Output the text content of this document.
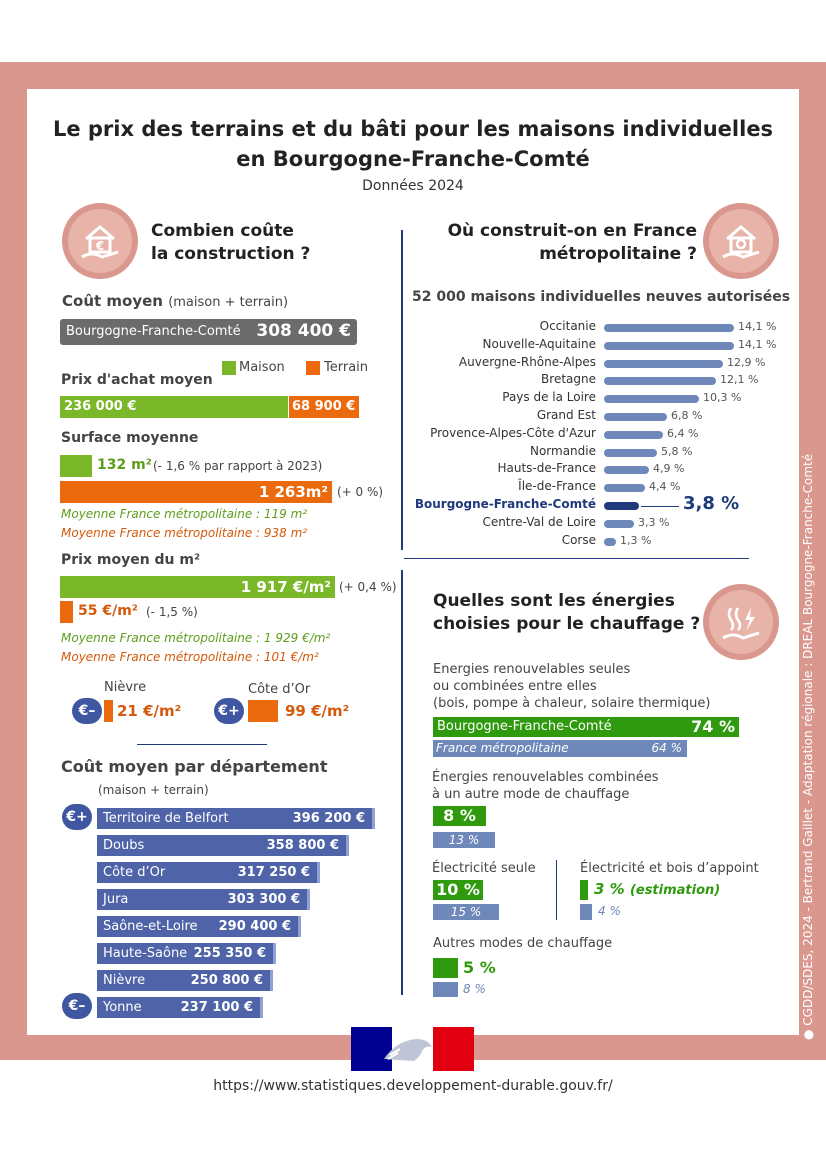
Le prix des terrains et du bâti pour les maisons individuelles
en Bourgogne-Franche-Comté
Données 2024
€
Combien coûte
la construction ?
Coût moyen (maison + terrain)
Bourgogne-Franche-Comté 308 400 €
Maison	Terrain
Prix d'achat moyen
236 000 €	68 900 €
Surface moyenne
132 m² (- 1,6 % par rapport à 2023)
1 263m² (+ 0 %)
Moyenne France métropolitaine : 119 m²
Moyenne France métropolitaine : 938 m²
Prix moyen du m²
1 917 €/m² (+ 0,4 %)
55 €/m² (- 1,5 %)
Moyenne France métropolitaine : 1 929 €/m²
Moyenne France métropolitaine : 101 €/m²
Nièvre
€–	21 €/m²
Côte d’Or
€+	99 €/m²
Coût moyen par département
(maison + terrain)
€+
€–
Territoire de Belfort	396 200 €
Doubs	358 800 €
Côte d’Or	317 250 €
Jura	303 300 €
Saône-et-Loire 290 400 €
Haute-Saône 255 350 €
Nièvre	250 800 €
Yonne	237 100 €
Où construit-on en France
métropolitaine ?
52 000 maisons individuelles neuves autorisées
Occitanie	14,1 %
Nouvelle-Aquitaine	14,1 %
Auvergne-Rhône-Alpes	12,9 %
Bretagne	12,1 %
Pays de la Loire	10,3 %
Grand Est	6,8 %
Provence-Alpes-Côte d'Azur	6,4 %
Normandie	5,8 %
Hauts-de-France	4,9 %
Île-de-France	4,4 %
Bourgogne-Franche-Comté	3,8 %
Centre-Val de Loire	3,3 %
Corse 1,3 %
Quelles sont les énergies
choisies pour le chauffage ?
Energies renouvelables seules
ou combinées entre elles
(bois, pompe à chaleur, solaire thermique)
Bourgogne-Franche-Comté	74 %
France métropolitaine	64 %
Énergies renouvelables combinées
à un autre mode de chauffage
8 %
13 %
Électricité seule
10 %
15 %
Électricité et bois d’appoint
3 % (estimation)
4 %
Autres modes de chauffage
5 %
8 %
● CGDD/SDES, 2024 - Bertrand Gaillet - Adaptation régionale : DREAL Bourgogne-Franche-Comté
https://www.statistiques.developpement-durable.gouv.fr/
